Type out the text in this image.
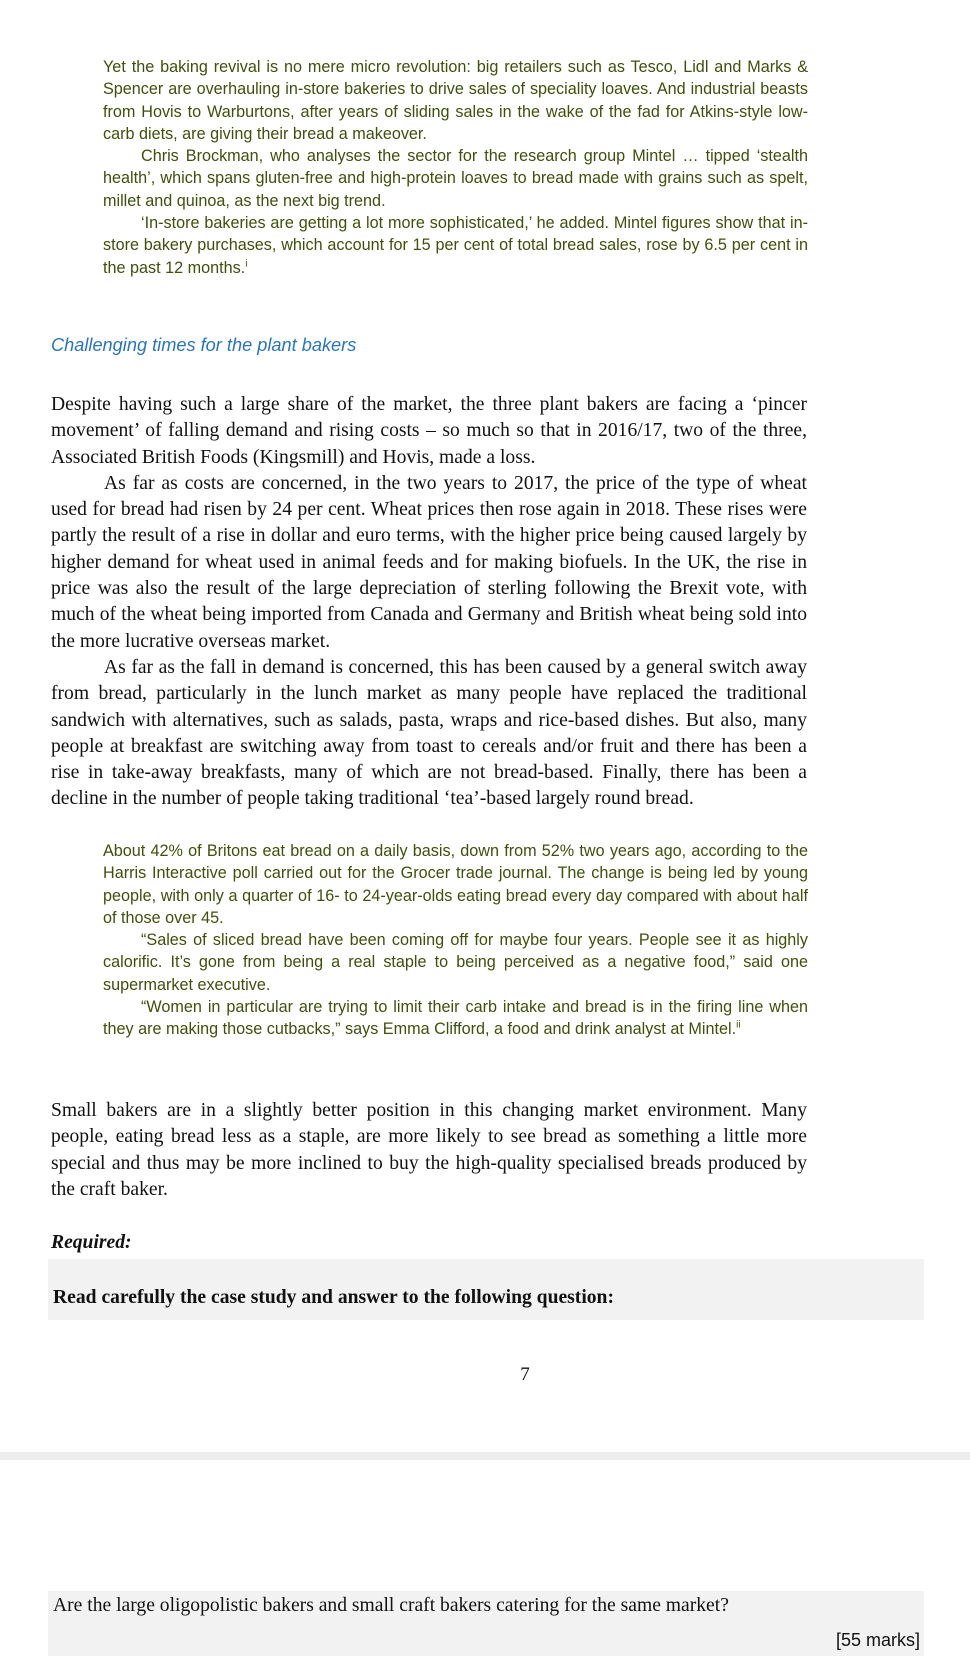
Yet the baking revival is no mere micro revolution: big retailers such as Tesco, Lidl and Marks & Spencer are overhauling in-store bakeries to drive sales of speciality loaves. And industrial beasts from Hovis to Warburtons, after years of sliding sales in the wake of the fad for Atkins-style low-carb diets, are giving their bread a makeover.

Chris Brockman, who analyses the sector for the research group Mintel … tipped ‘stealth health’, which spans gluten-free and high-protein loaves to bread made with grains such as spelt, millet and quinoa, as the next big trend.

‘In-store bakeries are getting a lot more sophisticated,’ he added. Mintel figures show that in-store bakery purchases, which account for 15 per cent of total bread sales, rose by 6.5 per cent in the past 12 months.$^i$

Challenging times for the plant bakers

Despite having such a large share of the market, the three plant bakers are facing a ‘pincer movement’ of falling demand and rising costs – so much so that in 2016/17, two of the three, Associated British Foods (Kingsmill) and Hovis, made a loss.

As far as costs are concerned, in the two years to 2017, the price of the type of wheat used for bread had risen by 24 per cent. Wheat prices then rose again in 2018. These rises were partly the result of a rise in dollar and euro terms, with the higher price being caused largely by higher demand for wheat used in animal feeds and for making biofuels. In the UK, the rise in price was also the result of the large depreciation of sterling following the Brexit vote, with much of the wheat being imported from Canada and Germany and British wheat being sold into the more lucrative overseas market.

As far as the fall in demand is concerned, this has been caused by a general switch away from bread, particularly in the lunch market as many people have replaced the traditional sandwich with alternatives, such as salads, pasta, wraps and rice-based dishes. But also, many people at breakfast are switching away from toast to cereals and/or fruit and there has been a rise in take-away breakfasts, many of which are not bread-based. Finally, there has been a decline in the number of people taking traditional ‘tea’-based largely round bread.

About 42% of Britons eat bread on a daily basis, down from 52% two years ago, according to the Harris Interactive poll carried out for the Grocer trade journal. The change is being led by young people, with only a quarter of 16- to 24-year-olds eating bread every day compared with about half of those over 45.

“Sales of sliced bread have been coming off for maybe four years. People see it as highly calorific. It’s gone from being a real staple to being perceived as a negative food,” said one supermarket executive.

“Women in particular are trying to limit their carb intake and bread is in the firing line when they are making those cutbacks,” says Emma Clifford, a food and drink analyst at Mintel.$^{ii}$

Small bakers are in a slightly better position in this changing market environment. Many people, eating bread less as a staple, are more likely to see bread as something a little more special and thus may be more inclined to buy the high-quality specialised breads produced by the craft baker.

Required:

Read carefully the case study and answer to the following question:

7

Are the large oligopolistic bakers and small craft bakers catering for the same market?

[55 marks]
